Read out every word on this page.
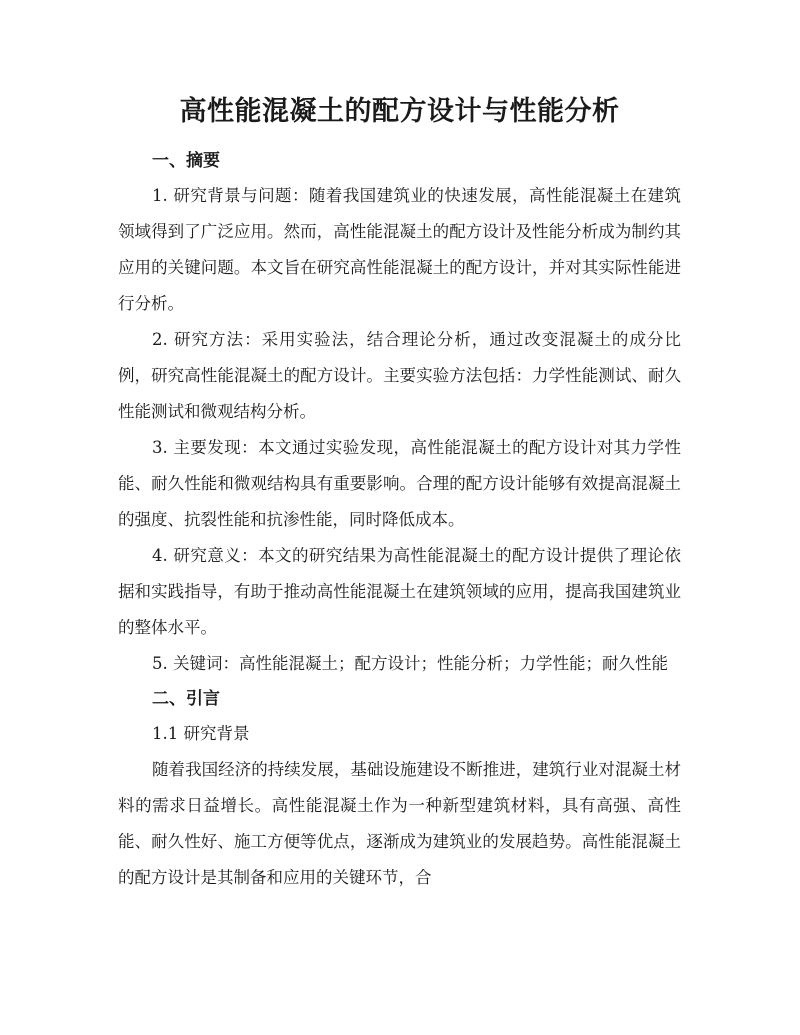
高性能混凝土的配方设计与性能分析

一、摘要

1. 研究背景与问题：随着我国建筑业的快速发展，高性能混凝土在建筑领域得到了广泛应用。然而，高性能混凝土的配方设计及性能分析成为制约其应用的关键问题。本文旨在研究高性能混凝土的配方设计，并对其实际性能进行分析。

2. 研究方法：采用实验法，结合理论分析，通过改变混凝土的成分比例，研究高性能混凝土的配方设计。主要实验方法包括：力学性能测试、耐久性能测试和微观结构分析。

3. 主要发现：本文通过实验发现，高性能混凝土的配方设计对其力学性能、耐久性能和微观结构具有重要影响。合理的配方设计能够有效提高混凝土的强度、抗裂性能和抗渗性能，同时降低成本。

4. 研究意义：本文的研究结果为高性能混凝土的配方设计提供了理论依据和实践指导，有助于推动高性能混凝土在建筑领域的应用，提高我国建筑业的整体水平。

5. 关键词：高性能混凝土；配方设计；性能分析；力学性能；耐久性能

二、引言

1.1 研究背景

随着我国经济的持续发展，基础设施建设不断推进，建筑行业对混凝土材料的需求日益增长。高性能混凝土作为一种新型建筑材料，具有高强、高性能、耐久性好、施工方便等优点，逐渐成为建筑业的发展趋势。高性能混凝土的配方设计是其制备和应用的关键环节，合
